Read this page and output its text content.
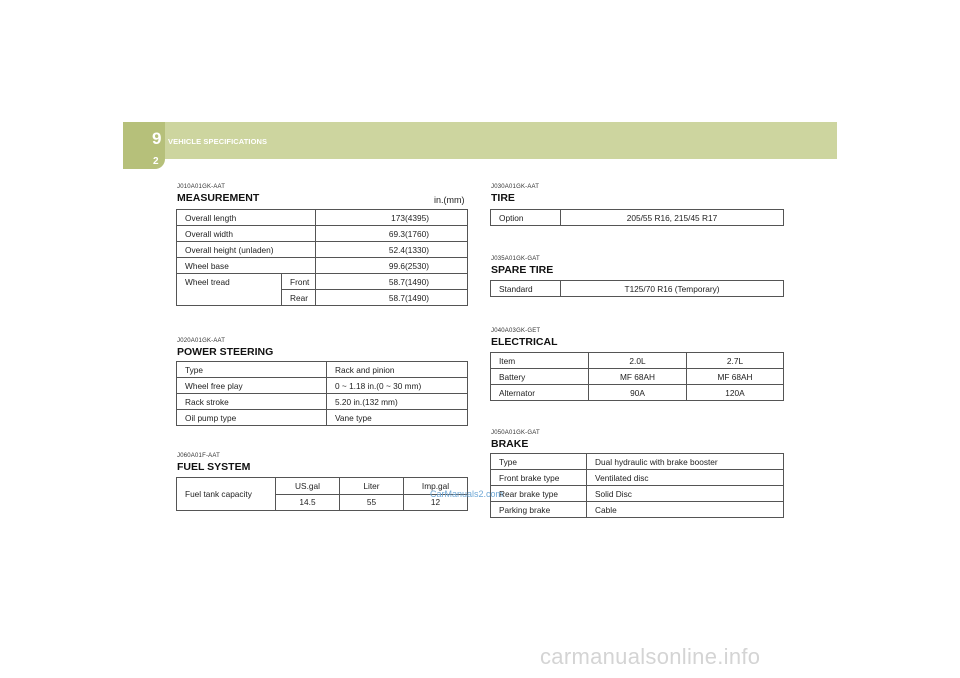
9 VEHICLE SPECIFICATIONS
2
J010A01GK-AAT
MEASUREMENT	in.(mm)
Overall length		173(4395)
Overall width		69.3(1760)
Overall height (unladen)		52.4(1330)
Wheel base		99.6(2530)
Wheel tread	Front	58.7(1490)
	Rear	58.7(1490)
J020A01GK-AAT
POWER STEERING
Type	Rack and pinion
Wheel free play	0 ~ 1.18 in.(0 ~ 30 mm)
Rack stroke	5.20 in.(132 mm)
Oil pump type	Vane type
J060A01F-AAT
FUEL SYSTEM
Fuel tank capacity	US.gal	Liter	Imp.gal
	14.5	55	12
J030A01GK-AAT
TIRE
Option	205/55 R16, 215/45 R17
J035A01GK-GAT
SPARE TIRE
Standard	T125/70 R16 (Temporary)
J040A03GK-GET
ELECTRICAL
Item	2.0L	2.7L
Battery	MF 68AH	MF 68AH
Alternator	90A	120A
J050A01GK-GAT
BRAKE
Type	Dual hydraulic with brake booster
Front brake type	Ventilated disc
Rear brake type	Solid Disc
Parking brake	Cable
CarManuals2.com
carmanualsonline.info
